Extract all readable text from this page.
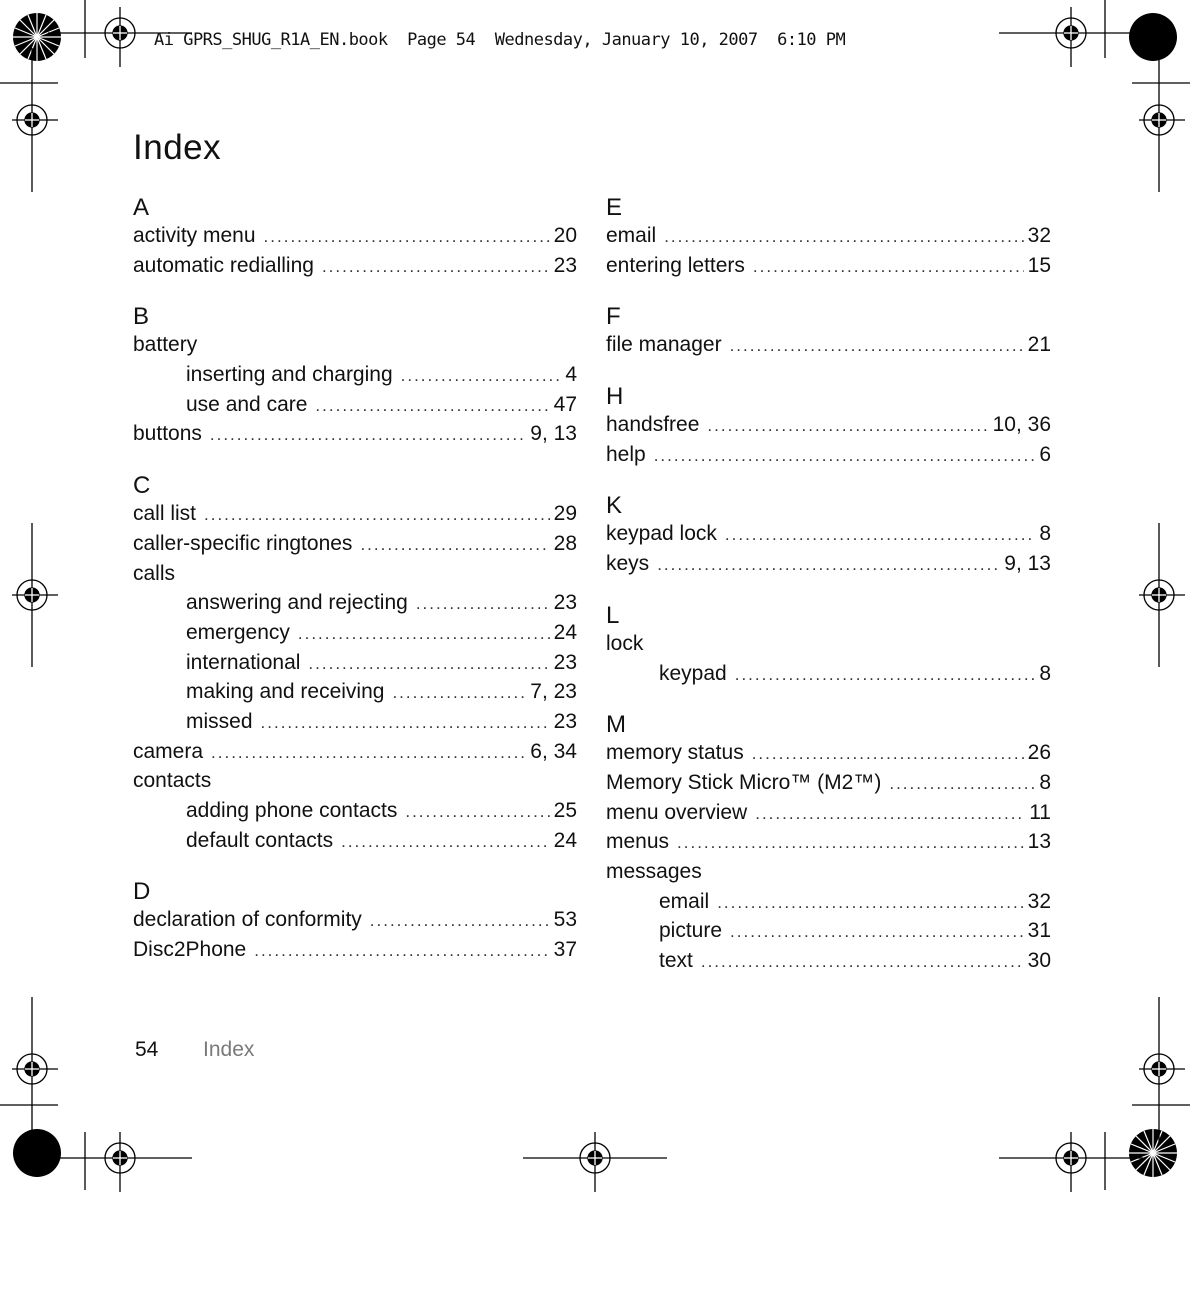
Ai GPRS_SHUG_R1A_EN.book Page 54 Wednesday, January 10, 2007 6:10 PM
Index
A
activity menu .....	20
automatic redialling .....	23
B
battery
inserting and charging .....	4
use and care .....	47
buttons .....	9, 13
C
call list .....	29
caller-specific ringtones .....	28
calls
answering and rejecting .....	23
emergency .....	24
international .....	23
making and receiving .....	7, 23
missed .....	23
camera .....	6, 34
contacts
adding phone contacts .....	25
default contacts .....	24
D
declaration of conformity .....	53
Disc2Phone .....	37
E
email .....	32
entering letters .....	15
F
file manager .....	21
H
handsfree .....	10, 36
help .....	6
K
keypad lock .....	8
keys .....	9, 13
L
lock
keypad .....	8
M
memory status .....	26
Memory Stick Micro™ (M2™) .....	8
menu overview .....	11
menus .....	13
messages
email .....	32
picture .....	31
text .....	30
54 Index
